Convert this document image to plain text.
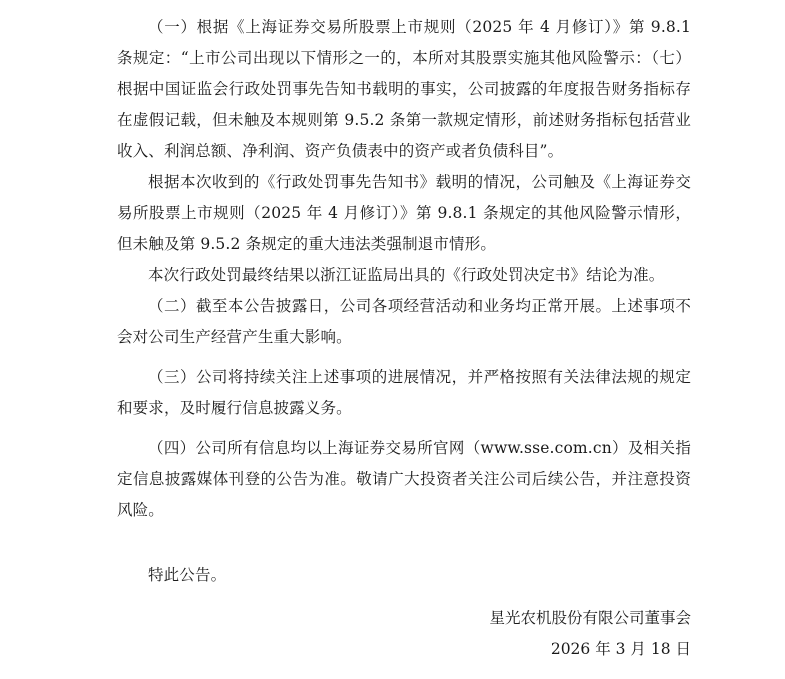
（一）根据《上海证券交易所股票上市规则（2025 年 4 月修订）》第 9.8.1 条规定：“上市公司出现以下情形之一的，本所对其股票实施其他风险警示：（七）根据中国证监会行政处罚事先告知书载明的事实，公司披露的年度报告财务指标存在虚假记载，但未触及本规则第 9.5.2 条第一款规定情形，前述财务指标包括营业收入、利润总额、净利润、资产负债表中的资产或者负债科目”。

根据本次收到的《行政处罚事先告知书》载明的情况，公司触及《上海证券交易所股票上市规则（2025 年 4 月修订）》第 9.8.1 条规定的其他风险警示情形，但未触及第 9.5.2 条规定的重大违法类强制退市情形。

本次行政处罚最终结果以浙江证监局出具的《行政处罚决定书》结论为准。

（二）截至本公告披露日，公司各项经营活动和业务均正常开展。上述事项不会对公司生产经营产生重大影响。

（三）公司将持续关注上述事项的进展情况，并严格按照有关法律法规的规定和要求，及时履行信息披露义务。

（四）公司所有信息均以上海证券交易所官网（www.sse.com.cn）及相关指定信息披露媒体刊登的公告为准。敬请广大投资者关注公司后续公告，并注意投资风险。

特此公告。

星光农机股份有限公司董事会
2026 年 3 月 18 日
